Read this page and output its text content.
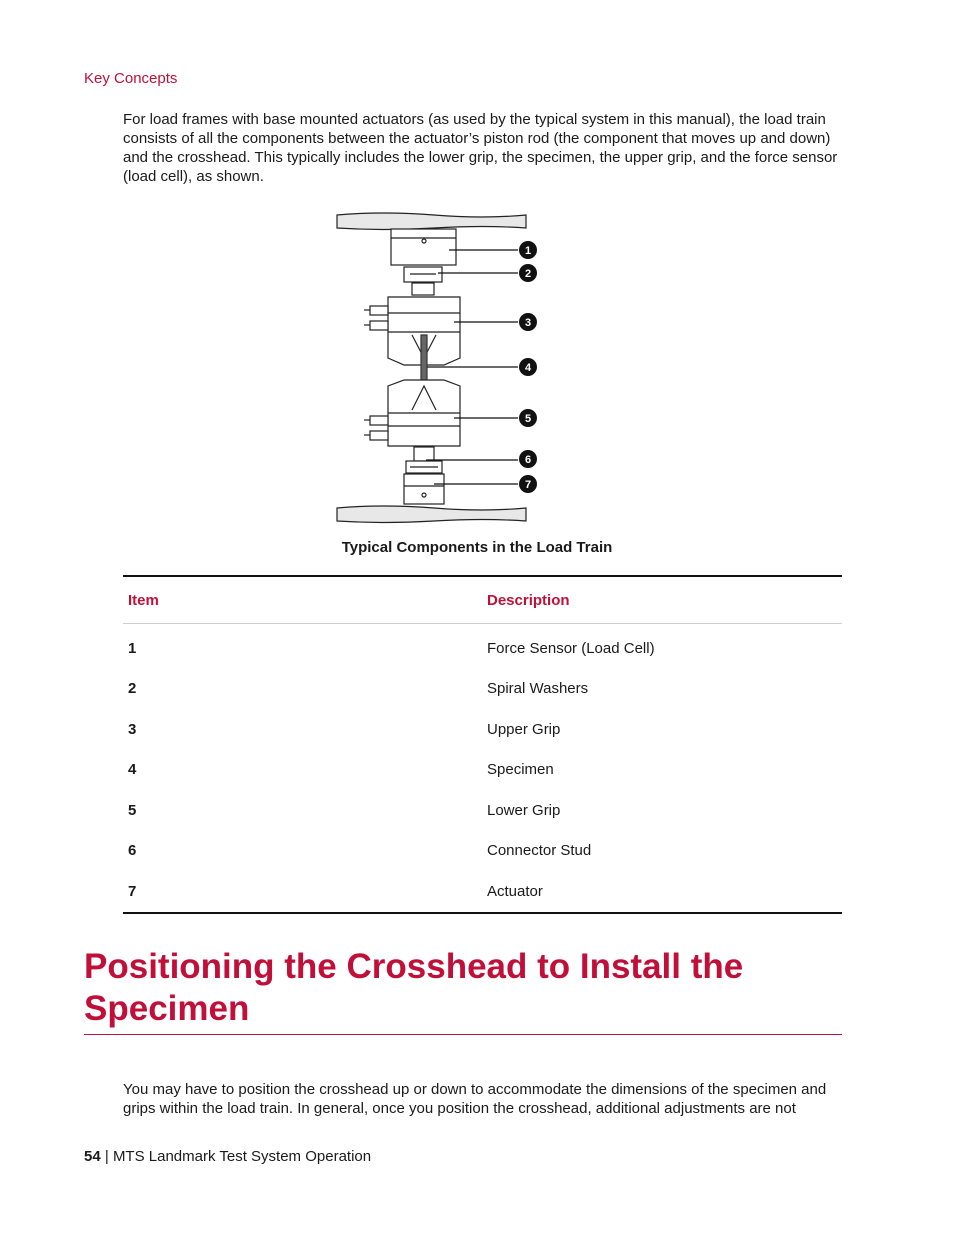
Key Concepts

For load frames with base mounted actuators (as used by the typical system in this manual), the load train consists of all the components between the actuator’s piston rod (the component that moves up and down) and the crosshead. This typically includes the lower grip, the specimen, the upper grip, and the force sensor (load cell), as shown.

1
2
3
4
5
6
7
Typical Components in the Load Train
Item	Description
1	Force Sensor (Load Cell)
2	Spiral Washers
3	Upper Grip
4	Specimen
5	Lower Grip
6	Connector Stud
7	Actuator
Positioning the Crosshead to Install the Specimen

You may have to position the crosshead up or down to accommodate the dimensions of the specimen and grips within the load train. In general, once you position the crosshead, additional adjustments are not

54 | MTS Landmark Test System Operation
